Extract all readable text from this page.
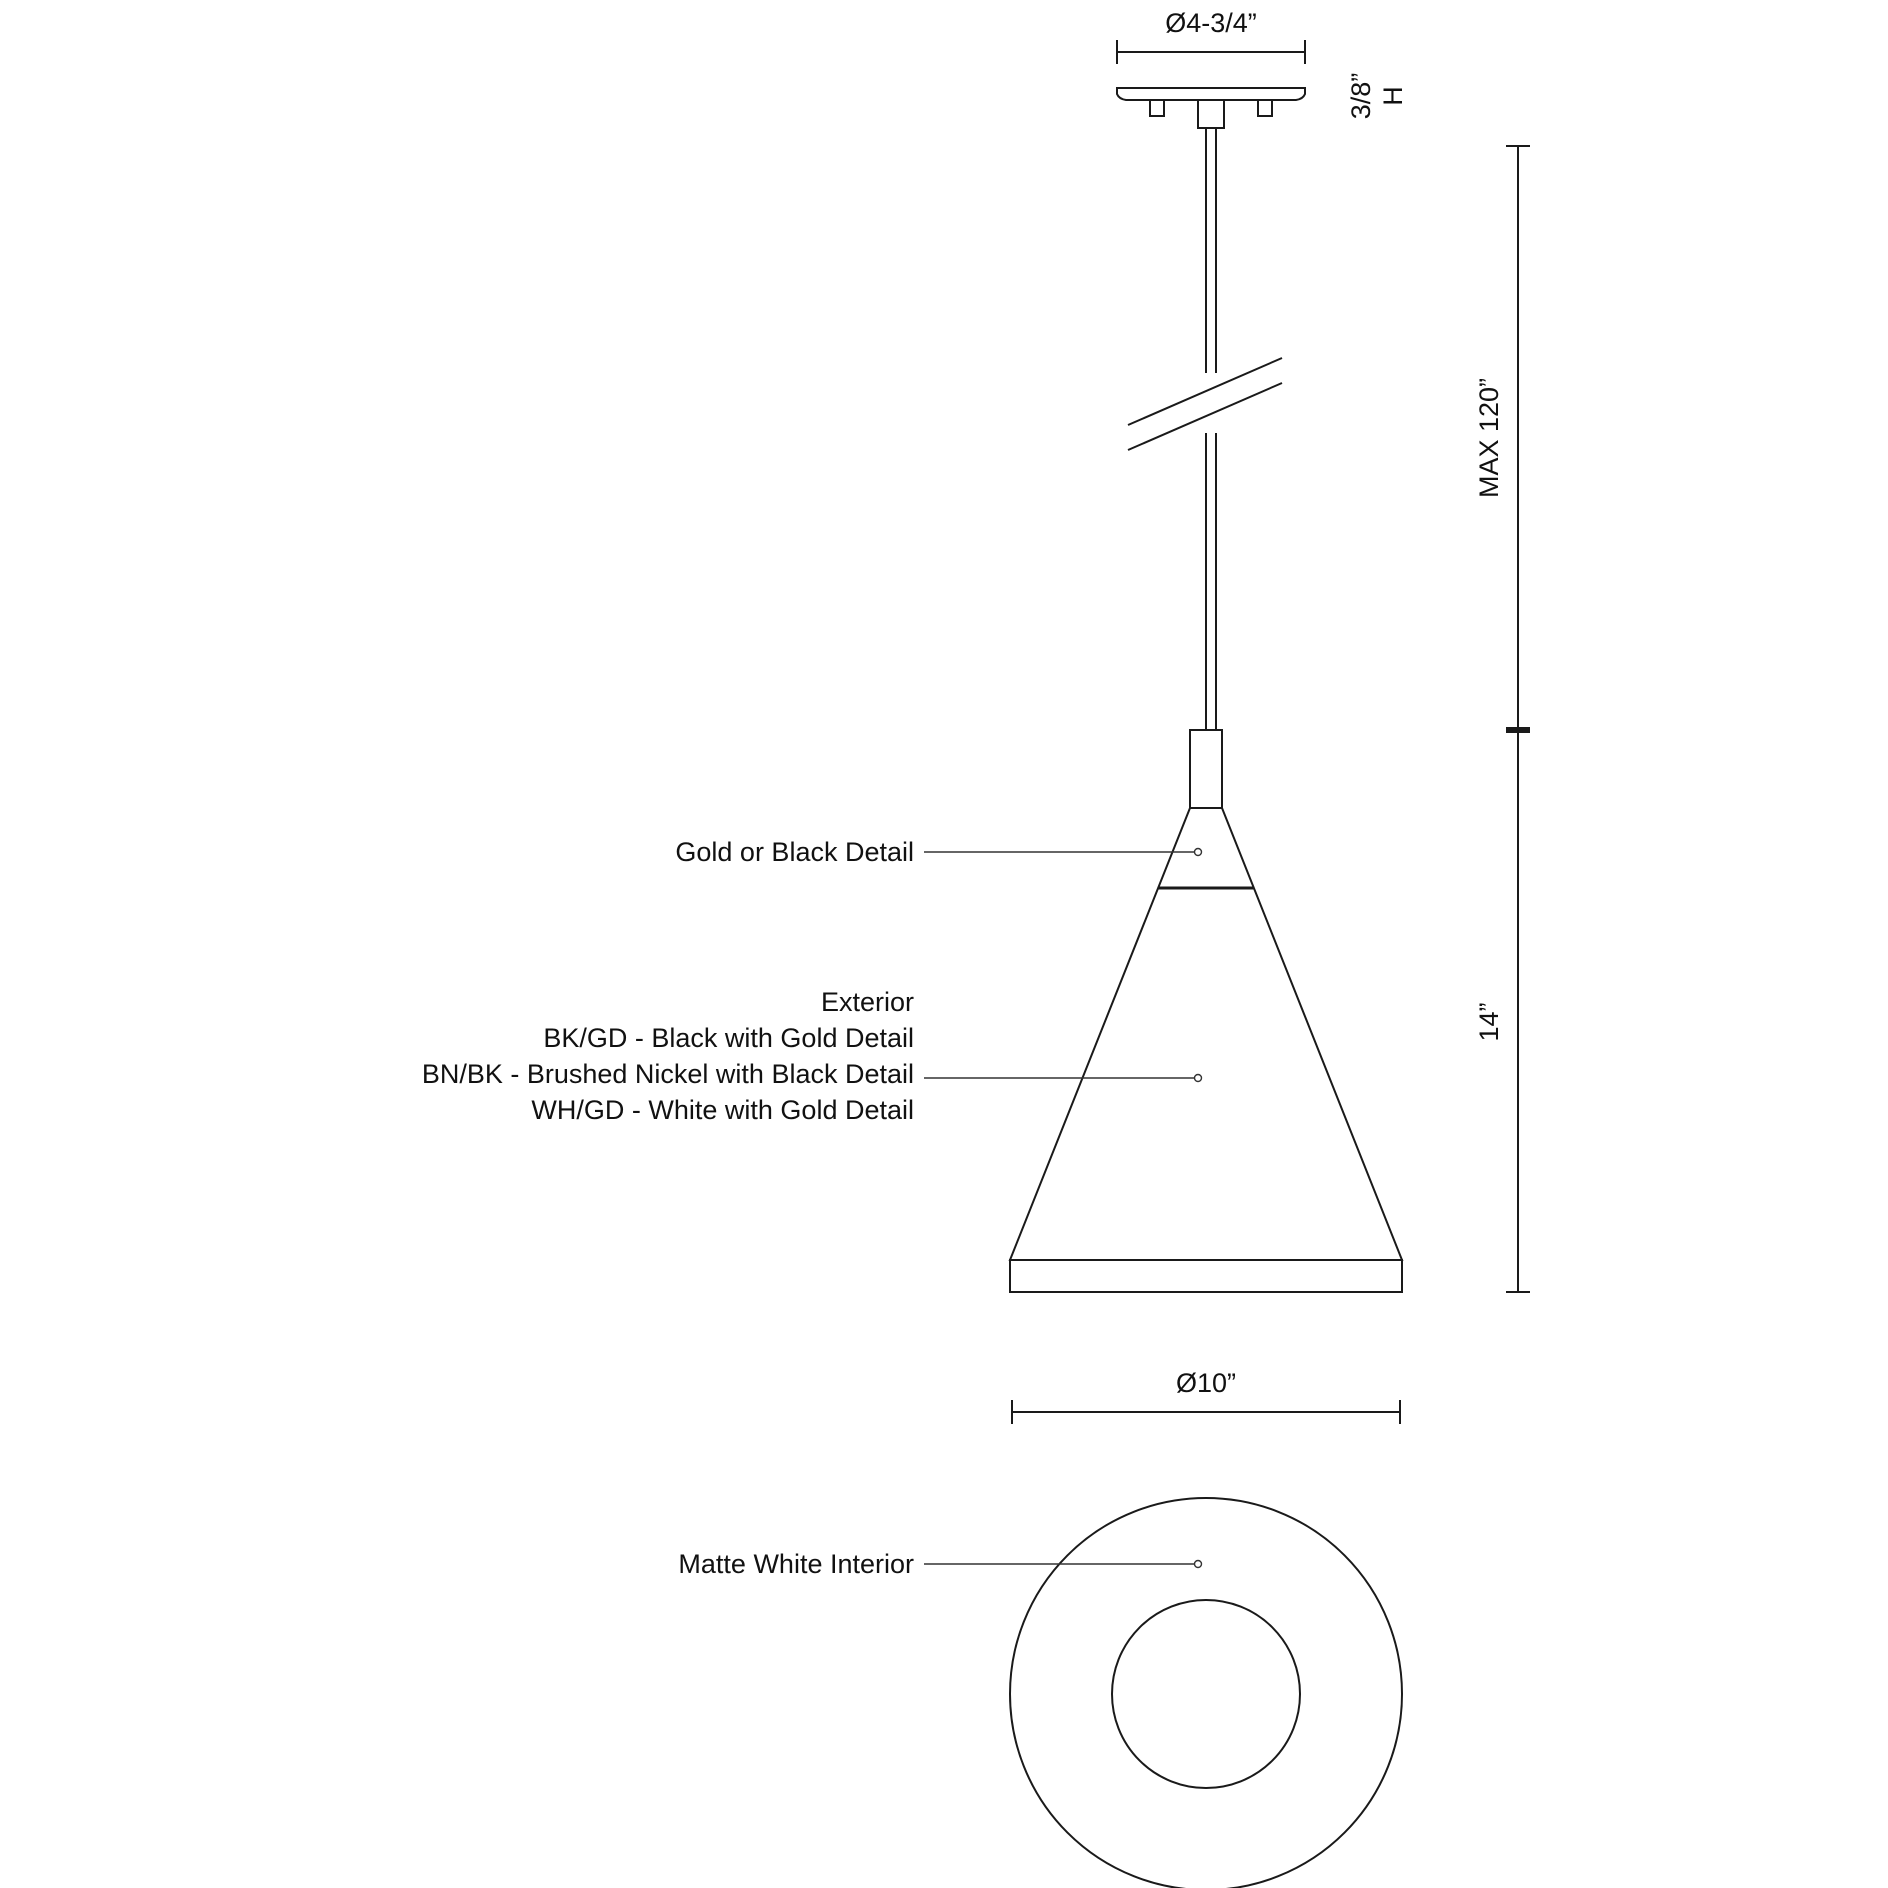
Ø4-3/4”
3/8” H
MAX 120”
14”
Ø10”
Gold or Black Detail
Exterior
BK/GD - Black with Gold Detail
BN/BK - Brushed Nickel with Black Detail
WH/GD - White with Gold Detail
Matte White Interior
